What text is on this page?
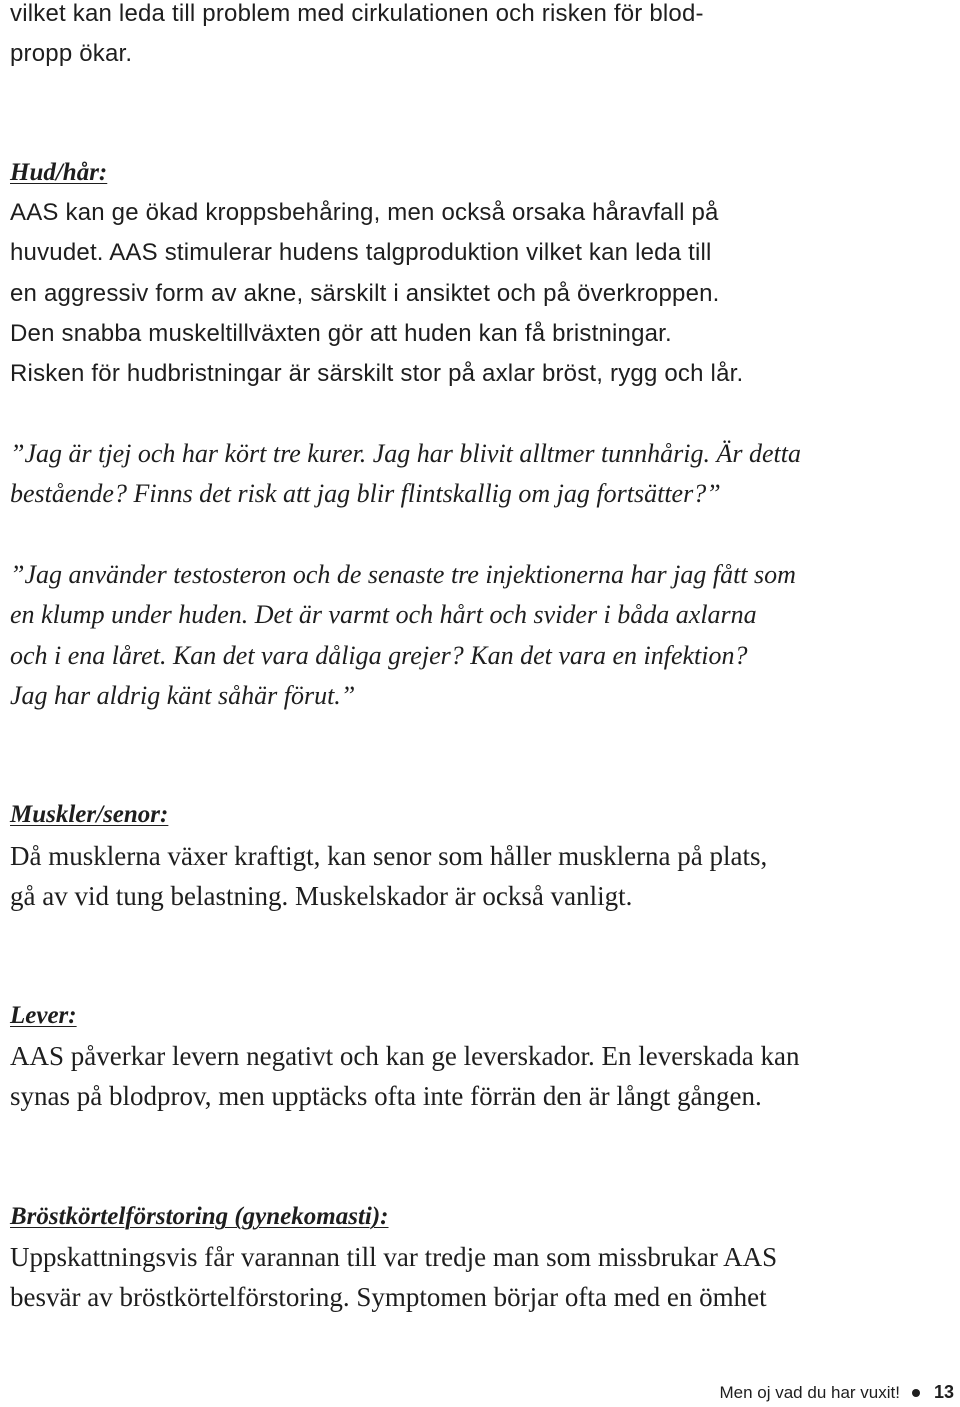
vilket kan leda till problem med cirkulationen och risken för blod-
propp ökar.
Hud/hår:
AAS kan ge ökad kroppsbehåring, men också orsaka håravfall på
huvudet. AAS stimulerar hudens talgproduktion vilket kan leda till
en aggressiv form av akne, särskilt i ansiktet och på överkroppen.
Den snabba muskeltillväxten gör att huden kan få bristningar.
Risken för hudbristningar är särskilt stor på axlar bröst, rygg och lår.
”Jag är tjej och har kört tre kurer. Jag har blivit alltmer tunnhårig. Är detta
bestående? Finns det risk att jag blir flintskallig om jag fortsätter?”
”Jag använder testosteron och de senaste tre injektionerna har jag fått som
en klump under huden. Det är varmt och hårt och svider i båda axlarna
och i ena låret. Kan det vara dåliga grejer? Kan det vara en infektion?
Jag har aldrig känt såhär förut.”
Muskler/senor:
Då musklerna växer kraftigt, kan senor som håller musklerna på plats,
gå av vid tung belastning. Muskelskador är också vanligt.
Lever:
AAS påverkar levern negativt och kan ge leverskador. En leverskada kan
synas på blodprov, men upptäcks ofta inte förrän den är långt gången.
Bröstkörtelförstoring (gynekomasti):
Uppskattningsvis får varannan till var tredje man som missbrukar AAS
besvär av bröstkörtelförstoring. Symptomen börjar ofta med en ömhet
Men oj vad du har vuxit! 13
